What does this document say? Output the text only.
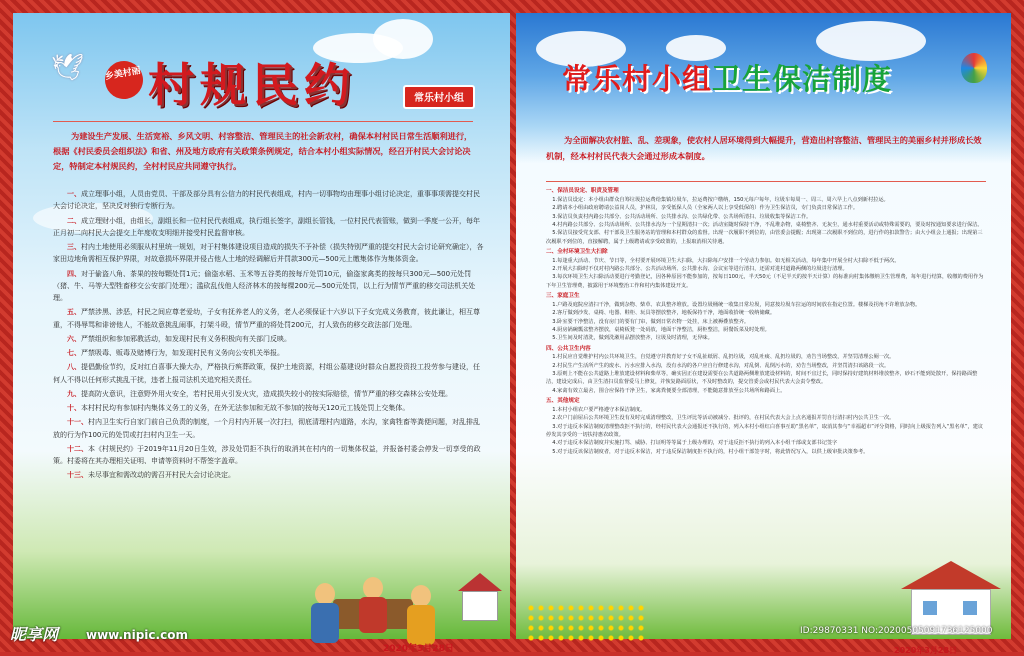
🕊 乡美村丽 村规民约	常乐村小组
为建设生产发展、生活宽裕、乡风文明、村容整洁、管理民主的社会新农村，确保本村村民日常生活顺利进行，根据《村民委员会组织法》和省、州及地方政府有关政策条例规定，结合本村小组实际情况，经召开村民大会讨论决定，特制定本村规民约，全村村民应共同遵守执行。

一、成立理事小组，人员由党员、干部及部分具有公信力的村民代表组成，村内一切事物均由理事小组讨论决定，重事事项需提交村民大会讨论决定，坚决反对独行专断行为。

二、成立理财小组，由组长，副组长和一位村民代表组成，执行组长签字，副组长管钱，一位村民代表管账，做到一季度一公开，每年正月初二向村民大会提交上年度收支明细并接受村民监督审核。

三、村内土地使用必须服从村里统一规划，对于村集体建设项目造成的损失不予补偿（损失特别严重的提交村民大会讨论研究确定），各家田边地角需相互保护界限，对故意损坏界限并侵占他人土地的经调解后并罚款300元—500元上缴集体作为集体资金。

四、对于偷盗八角、茶果的按每顆处罚1元；偷盗水稻、玉米等五谷类的按每斤处罚10元，偷盗家禽类的按每只300元—500元处罚（猪、牛、马等大型牲畜移交公安部门处理）；滥砍乱伐他人经济林木的按每棵200元—500元处罚，以上行为情节严重的移交司法机关处理。

五、严禁涉黑、涉恶，村民之间应尊老爱幼，子女有抚养老人的义务，老人必须保证十六岁以下子女完成义务教育，彼此谦让，相互尊重，不得辱骂和诽谤他人，不能故意挑乱闹事，打架斗殴，情节严重的将处罚200元，打人致伤的移交政法部门处理。

六、严禁组织和参加邪教活动，如发现村民有义务积极向有关部门反映。

七、严禁吸毒、贩毒及赌博行为，如发现村民有义务向公安机关举报。

八、提倡勤俭节约，反对红白喜事大操大办，严格执行殡葬政策，保护土地资源，村组公墓建设时群众自愿投资投工投劳参与建设，任何人不得以任何形式挑乱干扰，违者上报司法机关追究相关责任。

九、提高防火意识，注意野外用火安全，若村民用火引发火灾，造成损失较小的按实际赔偿，情节严重的移交森林公安处理。

十、本村村民均有参加村内集体义务工的义务，在外无法参加和无故不参加的按每天120元工钱处罚上交集体。

十一、村内卫生实行自家门前自己负责的制度，一个月村内开展一次打扫，彻底清理村内道路，水沟，家禽牲畜等粪便问题，对乱排乱放的行为作100元的处罚或打扫村内卫生一天。

十二、本《村规民约》于2019年11月20日生效，涉及处罚拒不执行的取消其在村内的一切集体权益，并报备村委会停发一切享受的政策。村委将在其办理相关证明、申请等资料时不帮签字盖章。

十三、未尽事宜和需改动的需召开村民大会讨论决定。

2020年3月28日
常乐村小组卫生保洁制度
为全面解决农村脏、乱、差现象，使农村人居环境得到大幅提升，营造出村容整洁、管理民主的美丽乡村并形成长效机制，经本村村民代表大会通过形成本制度。
一、保洁员设定、职责及管理
1.保洁员设定：本小组由群众自筹垃圾拉运费给集镇垃圾车，拉运费按户缴纳，150元每户每年，垃圾车每周一、周三、周六早上八点到新村拉运。
2.聘请本小组由政府聘请公益岗人员，护林员，享受低保人员（全家两人以上享受低保的）作为卫生保洁员，专门负责日常保洁工作。
3.保洁员负责村内路公共部分、公共活动场所、公共排水沟、公共绿化带、公共场所清扫、垃圾收集等保洁工作。
4.村内路公共部分、公共活动场所、公共排水沟为一个星期清扫一次；活动室随时保持干净，不乱堆杂物，桌椅整齐、无灰尘，通水村重要活动或特殊需要的，要及时按通知要求进行保洁。
5.保洁员接受党支部、村干部及卫生服务站的管理和本村群众的监督。出现一次履职不到位的，由管委会提醒；出现第二次履职不到位的，进行作的扣款警告；由大小组会上通报；出现第三次履职不到位的，直接解聘，属于上级聘请或享受政策的，上报取消相关待遇。
二、全村环境卫生大扫除
1.每逢重大活动、节庆、节日等，全村要开展环境卫生大扫除，大扫除每户安排一个劳动力参加。如无相关活动，每年集中开展全村大扫除不低于两次。
2.开展大扫除时不仅对村内路公共部分、公共活动场所、公共排水沟、会议室等进行清扫，还需对进村道路两侧的垃圾进行清理。
3.每次环境卫生大扫除活动要进行考勤登记，因各种原因不能参加的，按每日100元，半天50元（不足半天的按半天计算）的标准向村集体缴纳卫生管理费，每年进行结算，收缴的费用作为下年卫生管理费，披露用于环境整治工作和村内集体建设开支。
三、家庭卫生
1.户路及庭院应清扫干净，做到杂物、柴草、农具整齐堆放。设置垃圾桶统一收集日常垃圾，同意按垃圾车拉运的时间放在指定位置。楼梯及拐角不许堆放杂物。
2.客厅做到沙发、桌椅、电器、鞋柜、玩具等摆放整齐，地板保持干净，地面收拾统一收纳储藏。
3.卧室要干净整洁，没有房门的要有门帘，做到日常衣物一处挂，床上被褥叠放整齐。
4.厨房锅碗瓢盆整齐摆放，桌椅板凳一处码放，地面干净整洁，厨柜整洁，厨餐饭菜及时处理。
5.卫生间及时清洗，做到洗漱用品摆放整齐，垃圾及时清理，无异味。
四、公共卫生内容
1.村民应自觉维护村内公共环境卫生，自觉遵守并教育好子女不乱扯纸屑、乱扔垃圾，对乱吐痰、乱扔垃圾的，劝告当场整改，并坚罚清理公厕一次。
2.村民生产生活所产生的废水、污水应排入水沟，没有水沟的各户应自行修建水沟，对乱倒、乱倒污水的，劝告当场整改，并坚罚清扫该路段一次。
3.原则上不能在公共道路上堆放建设材料和柴草等，确实因正在建设需要在公共道路两侧堆放建设材料的，时间不宜过长，同时保持好建筑材料堆放整齐，砂石不能到处散开，保持路面整洁，建设完成后，由卫生清扫员监督爱马上修复，并恢复路面原状，不及时整改的，提交管委会或村民代表大会责令整改。
4.家禽有效立最舍，围合应保持干净卫生，家禽粪便要全部清理，不能随意排放至公共场所和路面上。
五、其他规定
1.本村小组农户要严格遵守本保洁制度。
2.农户门前屋后公共环境卫生没有及时完成清理整改，卫生评比等活动被减分、批评的，在村民代表大会上点名通报并罚自行清扫村内公共卫生一次。
3.对于违反本保洁制度清理整改拒不执行的，经村民代表大会通报还不执行的，列入本村小组红白喜事互助“黑名单”，取消其参与“幸福超市”评分资格，同时向上级报告列入“黑名单”，建议停发其享受的一切扶持惠农政策。
4.对于违反本保洁制度并实施打骂、威胁、打证明等等属于上级办理的，对于违反拒不执行的列入本小组干部或支部书记签字
5.对于违反该保洁制度者，对于违反本保洁，对于违反保洁制度拒不执行的，村小组干部签字时，将此情况写入，以供上级审批决策参考。
2020年3月28日
昵享网 www.nipic.com	ID:29870331 NO:20200505091736125000
